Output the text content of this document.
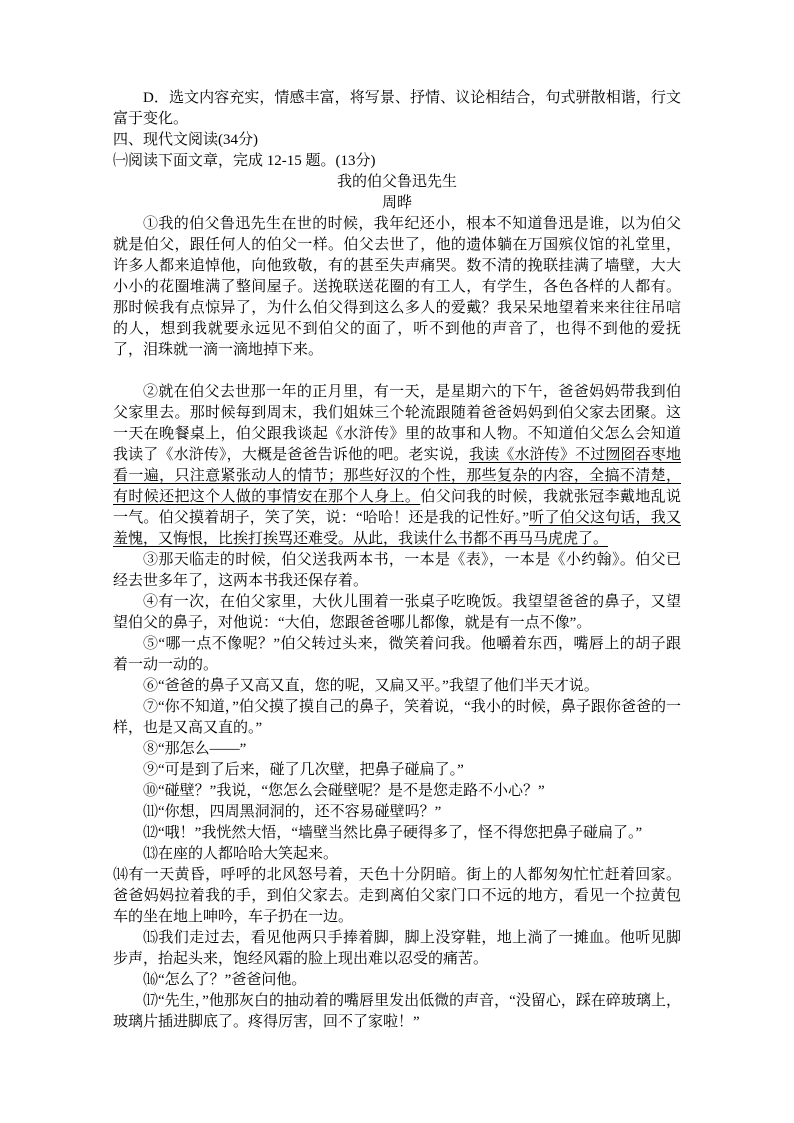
D．选文内容充实，情感丰富，将写景、抒情、议论相结合，句式骈散相谐，行文富于变化。

四、现代文阅读(34分)

㈠阅读下面文章，完成 12-15 题。(13分)

我的伯父鲁迅先生

周晔

①我的伯父鲁迅先生在世的时候，我年纪还小，根本不知道鲁迅是谁，以为伯父就是伯父，跟任何人的伯父一样。伯父去世了，他的遗体躺在万国殡仪馆的礼堂里，许多人都来追悼他，向他致敬，有的甚至失声痛哭。数不清的挽联挂满了墙壁，大大小小的花圈堆满了整间屋子。送挽联送花圈的有工人，有学生，各色各样的人都有。那时候我有点惊异了，为什么伯父得到这么多人的爱戴？我呆呆地望着来来往往吊唁的人，想到我就要永远见不到伯父的面了，听不到他的声音了，也得不到他的爱抚了，泪珠就一滴一滴地掉下来。

②就在伯父去世那一年的正月里，有一天，是星期六的下午，爸爸妈妈带我到伯父家里去。那时候每到周末，我们姐妹三个轮流跟随着爸爸妈妈到伯父家去团聚。这一天在晚餐桌上，伯父跟我谈起《水浒传》里的故事和人物。不知道伯父怎么会知道我读了《水浒传》，大概是爸爸告诉他的吧。老实说，我读《水浒传》不过囫囵吞枣地看一遍，只注意紧张动人的情节；那些好汉的个性，那些复杂的内容，全搞不清楚，有时候还把这个人做的事情安在那个人身上。伯父问我的时候，我就张冠李戴地乱说一气。伯父摸着胡子，笑了笑，说：“哈哈！还是我的记性好。”听了伯父这句话，我又羞愧，又悔恨，比挨打挨骂还难受。从此，我读什么书都不再马马虎虎了。

③那天临走的时候，伯父送我两本书，一本是《表》，一本是《小约翰》。伯父已经去世多年了，这两本书我还保存着。

④有一次，在伯父家里，大伙儿围着一张桌子吃晚饭。我望望爸爸的鼻子，又望望伯父的鼻子，对他说：“大伯，您跟爸爸哪儿都像，就是有一点不像”。

⑤“哪一点不像呢？”伯父转过头来，微笑着问我。他嚼着东西，嘴唇上的胡子跟着一动一动的。

⑥“爸爸的鼻子又高又直，您的呢，又扁又平。”我望了他们半天才说。

⑦“你不知道，”伯父摸了摸自己的鼻子，笑着说，“我小的时候，鼻子跟你爸爸的一样，也是又高又直的。”

⑧“那怎么——”

⑨“可是到了后来，碰了几次壁，把鼻子碰扁了。”

⑩“碰壁？”我说，“您怎么会碰壁呢？是不是您走路不小心？”

⑾“你想，四周黑洞洞的，还不容易碰壁吗？”

⑿“哦！”我恍然大悟，“墙壁当然比鼻子硬得多了，怪不得您把鼻子碰扁了。”

⒀在座的人都哈哈大笑起来。

⒁有一天黄昏，呼呼的北风怒号着，天色十分阴暗。街上的人都匆匆忙忙赶着回家。爸爸妈妈拉着我的手，到伯父家去。走到离伯父家门口不远的地方，看见一个拉黄包车的坐在地上呻吟，车子扔在一边。

⒂我们走过去，看见他两只手捧着脚，脚上没穿鞋，地上淌了一摊血。他听见脚步声，抬起头来，饱经风霜的脸上现出难以忍受的痛苦。

⒃“怎么了？”爸爸问他。

⒄“先生，”他那灰白的抽动着的嘴唇里发出低微的声音，“没留心，踩在碎玻璃上，玻璃片插进脚底了。疼得厉害，回不了家啦！”
